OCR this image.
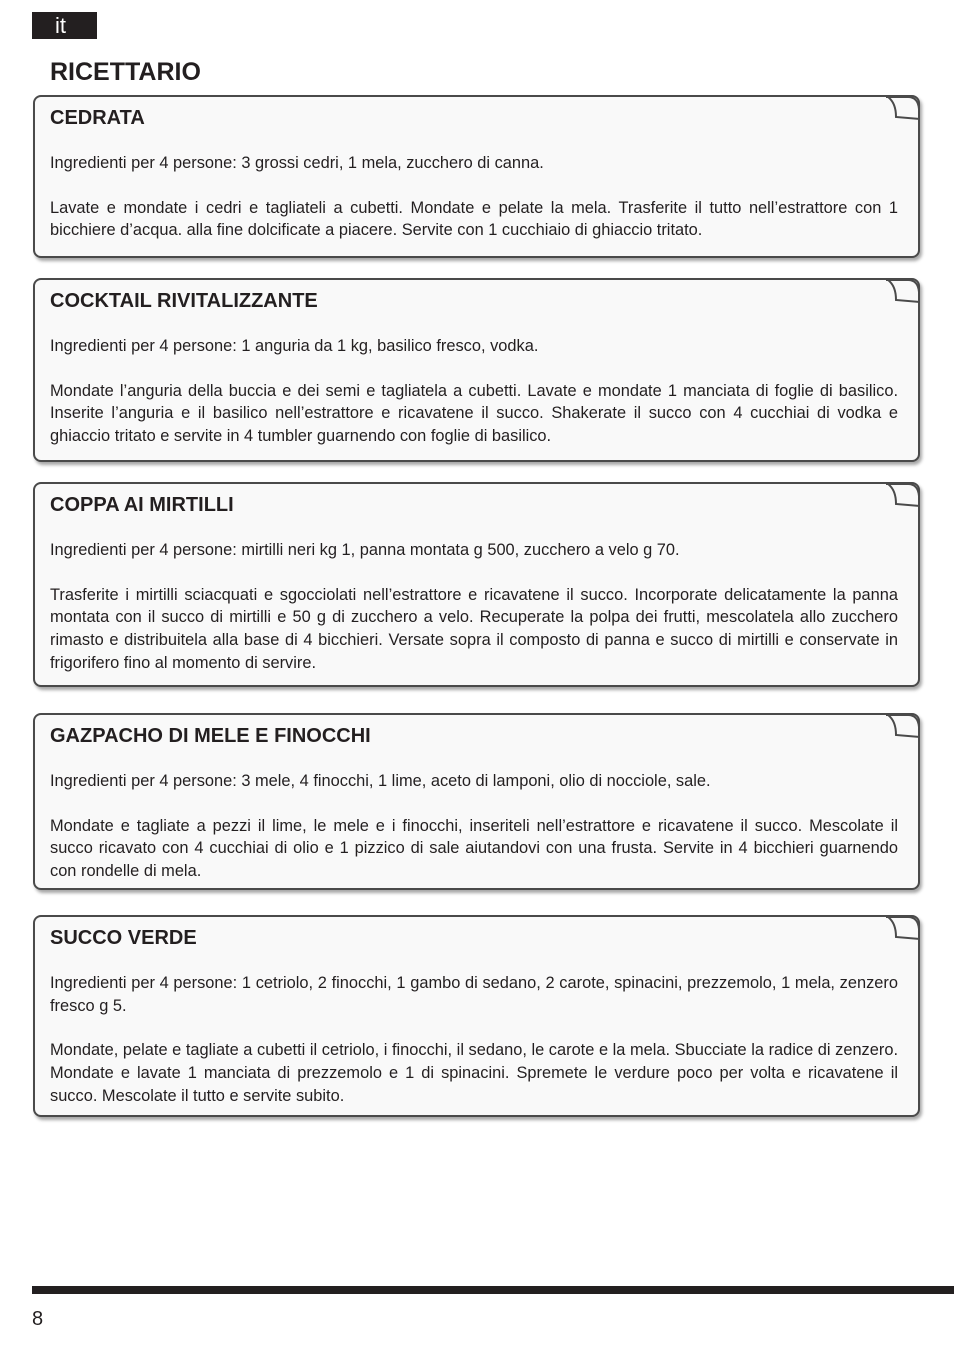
it
RICETTARIO
CEDRATA

Ingredienti per 4 persone: 3 grossi cedri, 1 mela, zucchero di canna.

Lavate e mondate i cedri e tagliateli a cubetti. Mondate e pelate la mela. Trasferite il tutto nell’estrattore con 1 bicchiere d’acqua. alla fine dolcificate a piacere. Servite con 1 cucchiaio di ghiaccio tritato.

COCKTAIL RIVITALIZZANTE

Ingredienti per 4 persone: 1 anguria da 1 kg, basilico fresco, vodka.

Mondate l’anguria della buccia e dei semi e tagliatela a cubetti. Lavate e mondate 1 manciata di foglie di basilico. Inserite l’anguria e il basilico nell’estrattore e ricavatene il succo. Shakerate il succo con 4 cucchiai di vodka e ghiaccio tritato e servite in 4 tumbler guarnendo con foglie di basilico.

COPPA AI MIRTILLI

Ingredienti per 4 persone: mirtilli neri kg 1, panna montata g 500, zucchero a velo g 70.

Trasferite i mirtilli sciacquati e sgocciolati nell’estrattore e ricavatene il succo. Incorporate delicatamente la panna montata con il succo di mirtilli e 50 g di zucchero a velo. Recuperate la polpa dei frutti, mescolatela allo zucchero rimasto e distribuitela alla base di 4 bicchieri. Versate sopra il composto di panna e succo di mirtilli e conservate in frigorifero fino al momento di servire.

GAZPACHO DI MELE E FINOCCHI

Ingredienti per 4 persone: 3 mele, 4 finocchi, 1 lime, aceto di lamponi, olio di nocciole, sale.

Mondate e tagliate a pezzi il lime, le mele e i finocchi, inseriteli nell’estrattore e ricavatene il succo. Mescolate il succo ricavato con 4 cucchiai di olio e 1 pizzico di sale aiutandovi con una frusta. Servite in 4 bicchieri guarnendo con rondelle di mela.

SUCCO VERDE

Ingredienti per 4 persone: 1 cetriolo, 2 finocchi, 1 gambo di sedano, 2 carote, spinacini, prezzemolo, 1 mela, zenzero fresco g 5.

Mondate, pelate e tagliate a cubetti il cetriolo, i finocchi, il sedano, le carote e la mela. Sbucciate la radice di zenzero. Mondate e lavate 1 manciata di prezzemolo e 1 di spinacini. Spremete le verdure poco per volta e ricavatene il succo. Mescolate il tutto e servite subito.

8
